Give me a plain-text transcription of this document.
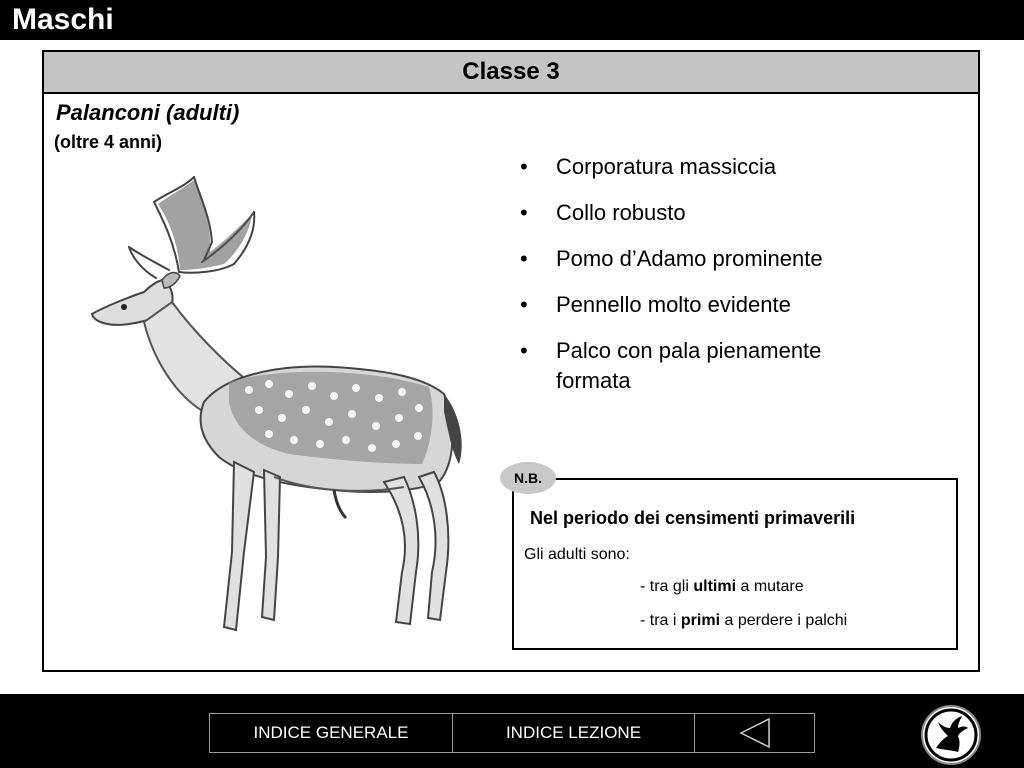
Maschi
Classe 3
Palanconi (adulti)
(oltre 4 anni)
• Corporatura massiccia
• Collo robusto
• Pomo d’Adamo prominente
• Pennello molto evidente
• Palco con pala pienamente formata
Nel periodo dei censimenti primaverili
Gli adulti sono:
- tra gli ultimi a mutare
- tra i primi a perdere i palchi
N.B.
INDICE GENERALE	INDICE LEZIONE
